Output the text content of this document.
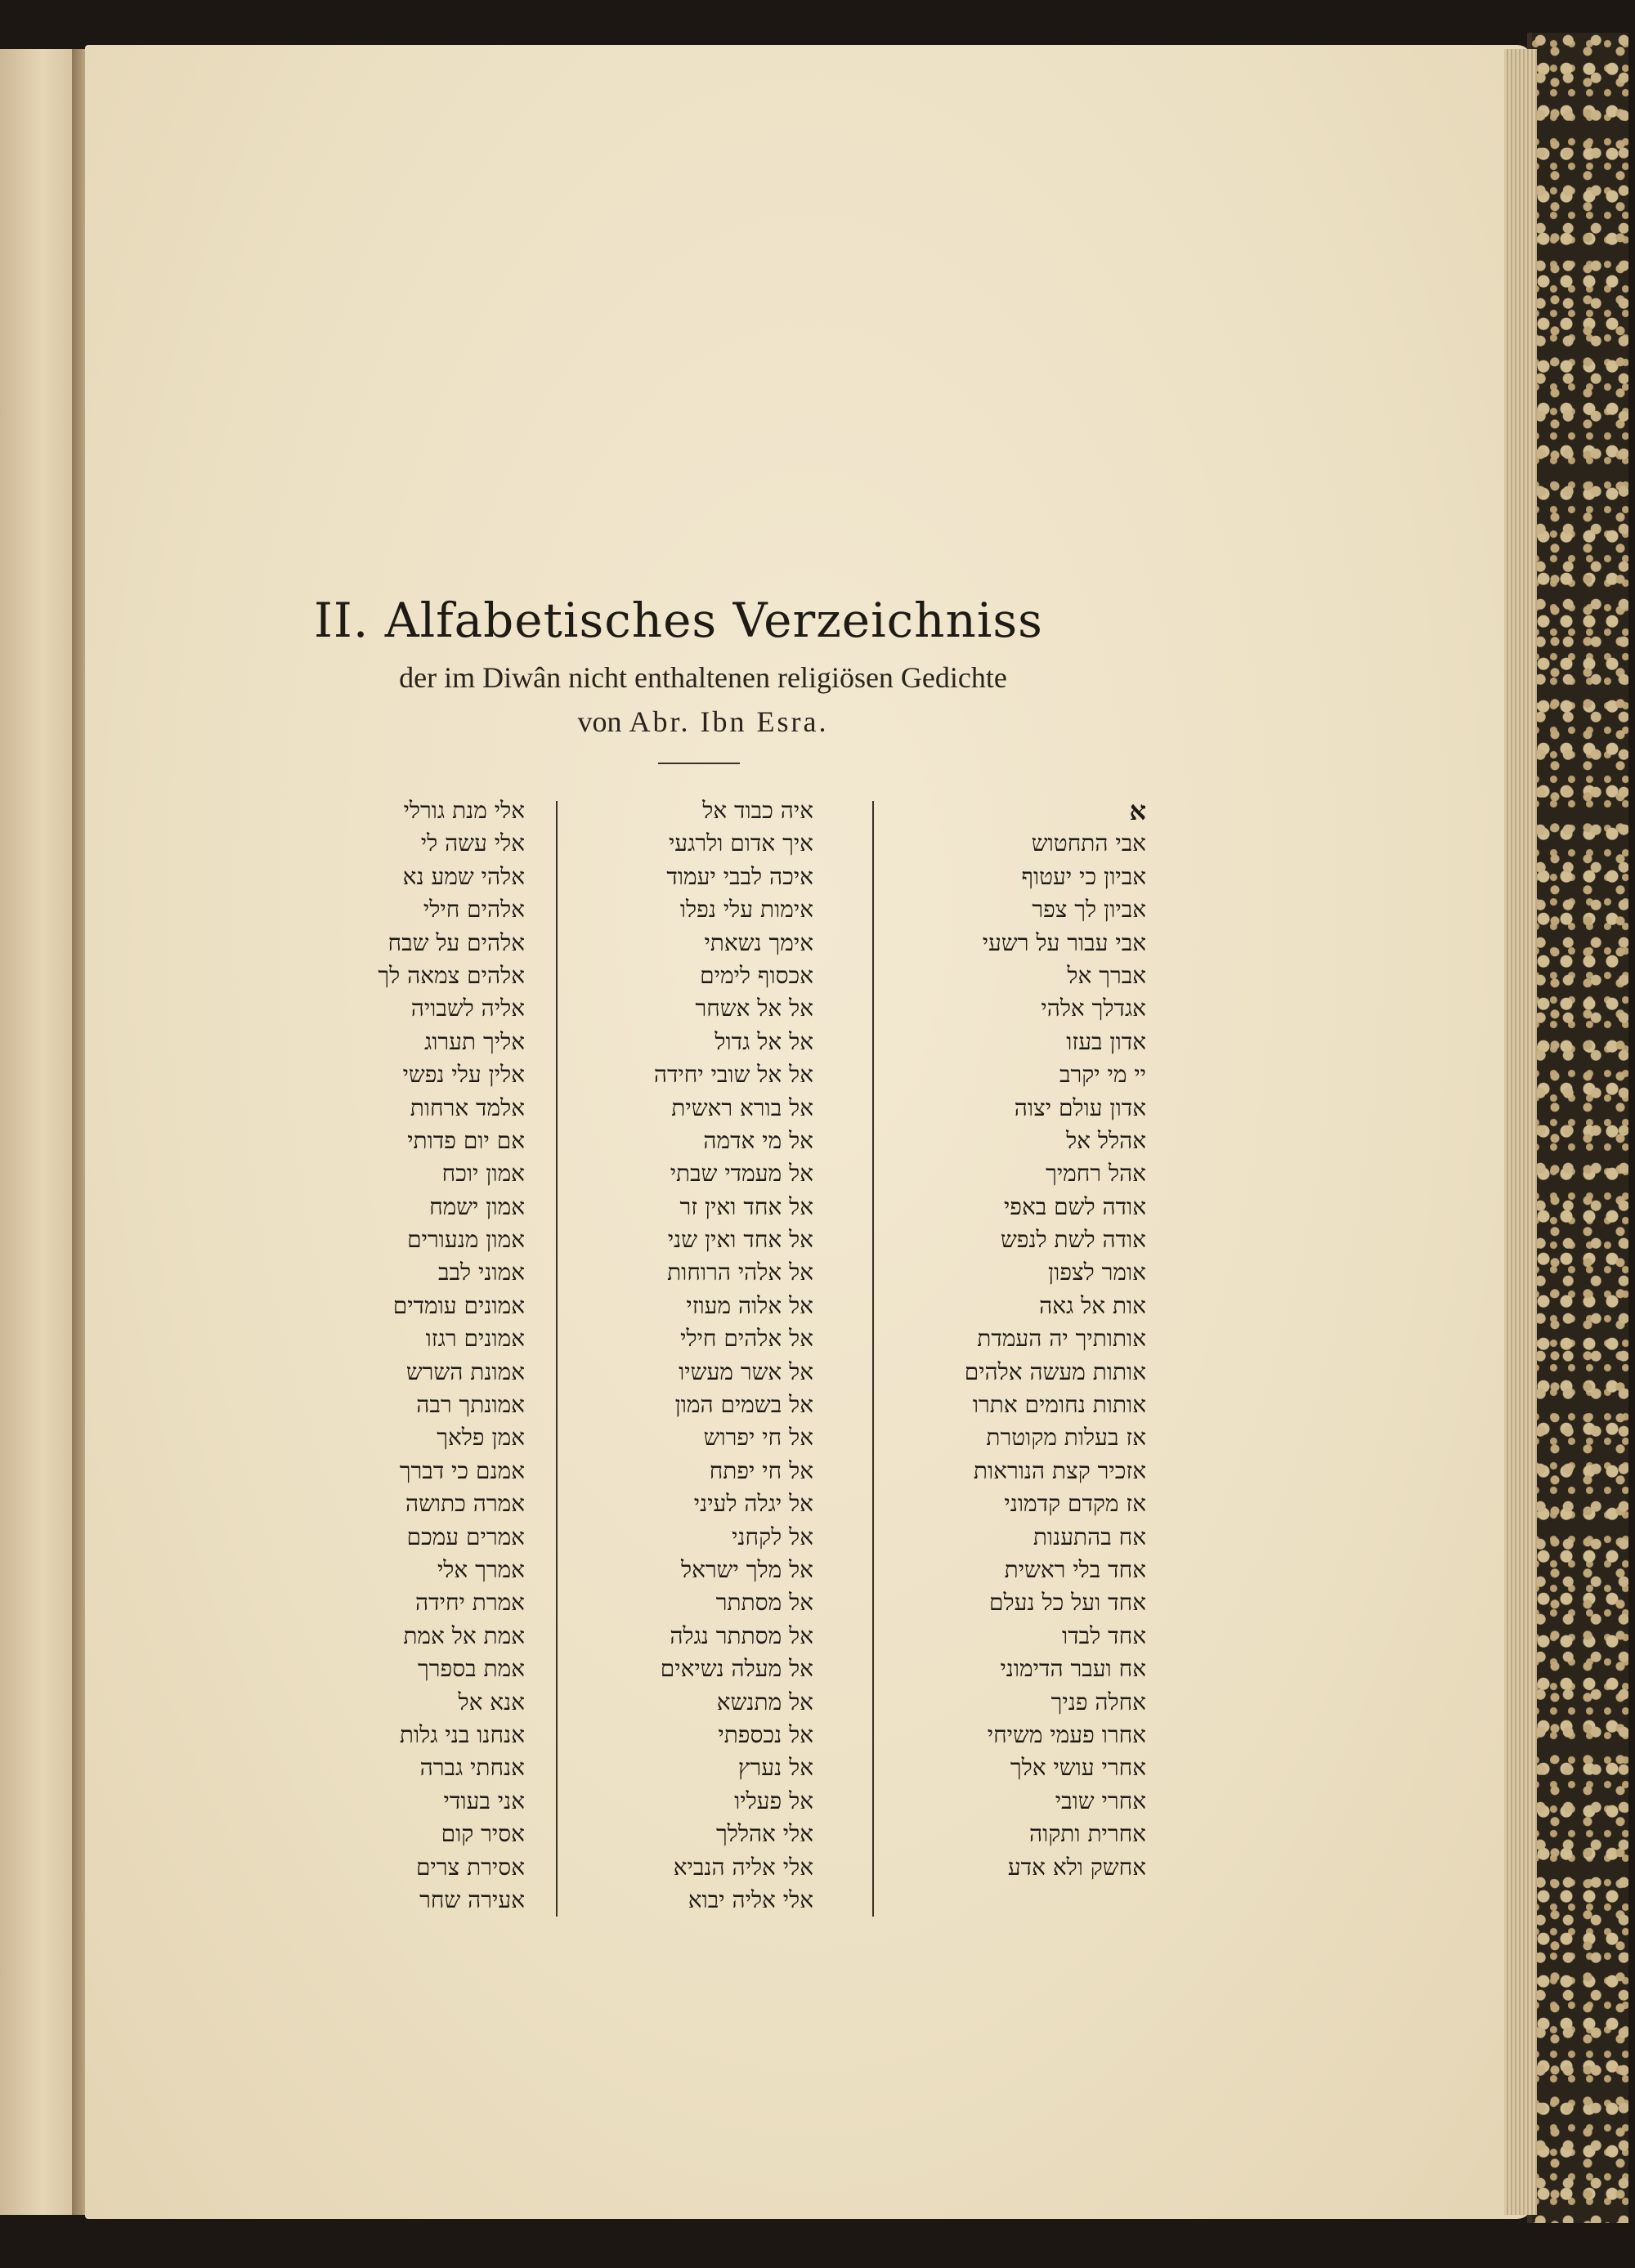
II. Alfabetisches Verzeichniss

der im Diwân nicht enthaltenen religiösen Gedichte

von Abr. Ibn Esra.

א
אבי התחטוש
אביון כי יעטוף
אביון לך צפר
אבי עבור על רשעי
אברך אל
אגדלך אלהי
אדון בעזו
יי מי יקרב
אדון עולם יצוה
אהלל אל
אהל רחמיך
אודה לשם באפי
אודה לשת לנפש
אומר לצפון
אות אל גאה
אותותיך יה העמדת
אותות מעשה אלהים
אותות נחומים אתרו
אז בעלות מקוטרת
אזכיר קצת הנוראות
אז מקדם קדמוני
אח בהתענות
אחד בלי ראשית
אחד ועל כל נעלם
אחד לבדו
אח ועבר הדימוני
אחלה פניך
אחרו פעמי משיחי
אחרי עושי אלך
אחרי שובי
אחרית ותקוה
אחשק ולא אדע
איה כבוד אל
איך אדום ולרגעי
איכה לבבי יעמוד
אימות עלי נפלו
אימך נשאתי
אכסוף לימים
אל אל אשחר
אל אל גדול
אל אל שובי יחידה
אל בורא ראשית
אל מי אדמה
אל מעמדי שבתי
אל אחד ואין זר
אל אחד ואין שני
אל אלהי הרוחות
אל אלוה מעוזי
אל אלהים חילי
אל אשר מעשיו
אל בשמים המון
אל חי יפרוש
אל חי יפתח
אל יגלה לעיני
אל לקחני
אל מלך ישראל
אל מסתתר
אל מסתתר נגלה
אל מעלה נשיאים
אל מתנשא
אל נכספתי
אל נערץ
אל פעליו
אלי אהללך
אלי אליה הנביא
אלי אליה יבוא
אלי מנת גורלי
אלי עשה לי
אלהי שמע נא
אלהים חילי
אלהים על שבח
אלהים צמאה לך
אליה לשבויה
אליך תערוג
אלין עלי נפשי
אלמד ארחות
אם יום פדותי
אמון יוכח
אמון ישמח
אמון מנעורים
אמוני לבב
אמונים עומדים
אמונים רגזו
אמונת השרש
אמונתך רבה
אמן פלאך
אמנם כי דברך
אמרה כתושה
אמרים עמכם
אמרך אלי
אמרת יחידה
אמת אל אמת
אמת בספרך
אנא אל
אנחנו בני גלות
אנחתי גברה
אני בעודי
אסיר קום
אסירת צרים
אעירה שחר
